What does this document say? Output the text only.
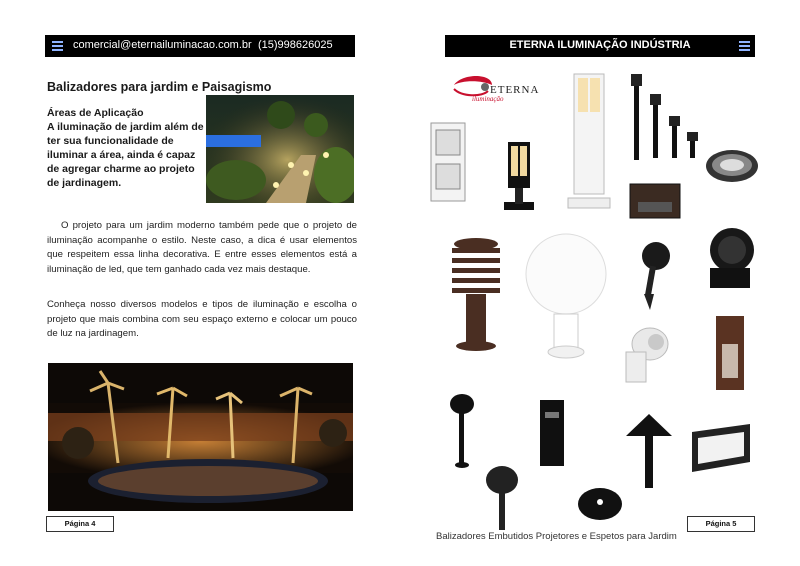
comercial@eternailuminacao.com.br (15)998626025
Balizadores para jardim e Paisagismo
Áreas de Aplicação
A iluminação de jardim além de ter sua funcionalidade de iluminar a área, ainda é capaz de agregar charme ao projeto de jardinagem.
O projeto para um jardim moderno também pede que o projeto de iluminação acompanhe o estilo. Neste caso, a dica é usar elementos que respeitem essa linha decorativa. E entre esses elementos está a iluminação de led, que tem ganhado cada vez mais destaque.
Conheça nosso diversos modelos e tipos de iluminação e escolha o projeto que mais combina com seu espaço externo e colocar um pouco de luz na jardinagem.
Página 4
ETERNA ILUMINAÇÃO INDÚSTRIA
ETERNA
iluminação
Balizadores Embutidos Projetores e Espetos para Jardim
Página 5
